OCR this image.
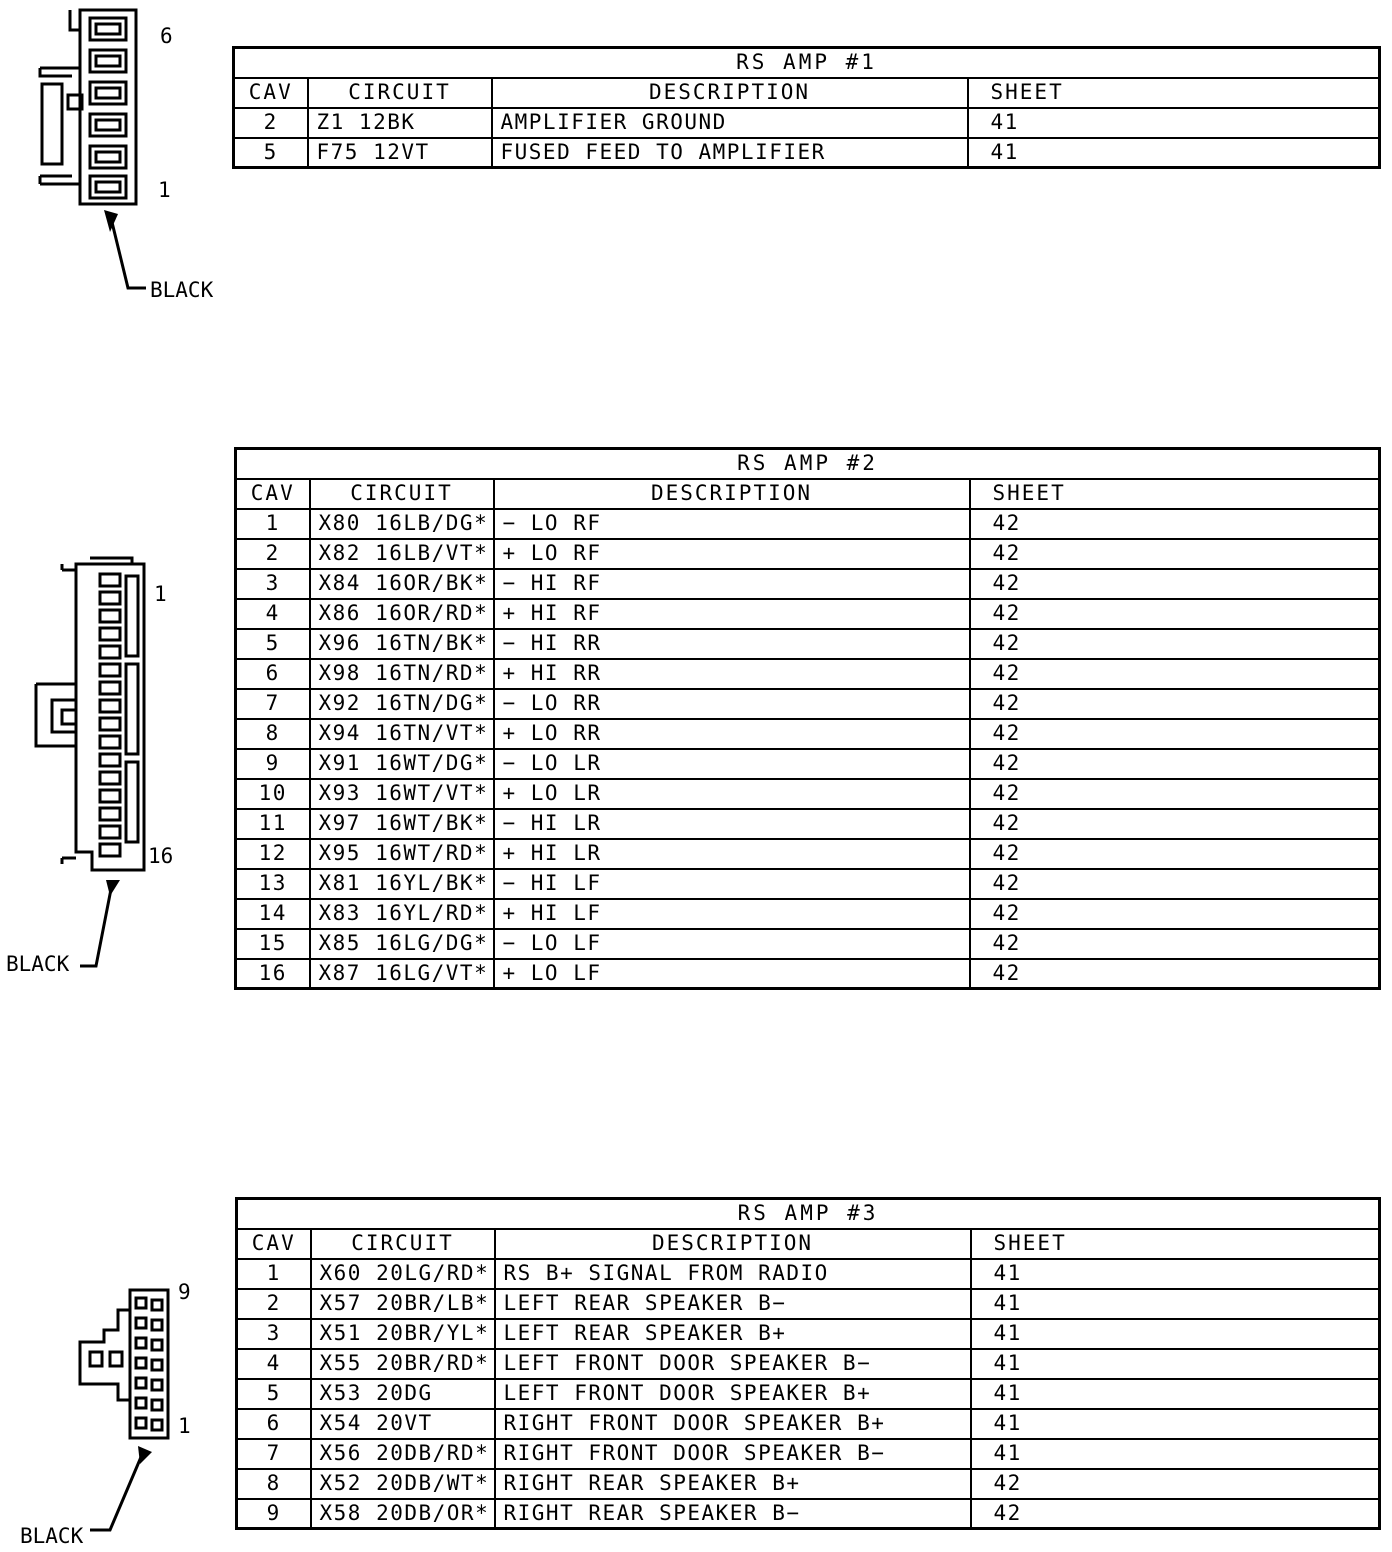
6
1
BLACK
RS AMP #1			
CAV	CIRCUIT	DESCRIPTION	SHEET
2	Z1 12BK	AMPLIFIER GROUND	41
5	F75 12VT	FUSED FEED TO AMPLIFIER	41
1
16
BLACK
RS AMP #2			
CAV	CIRCUIT	DESCRIPTION	SHEET
1	X80 16LB/DG*	− LO RF	42
2	X82 16LB/VT*	+ LO RF	42
3	X84 16OR/BK*	− HI RF	42
4	X86 16OR/RD*	+ HI RF	42
5	X96 16TN/BK*	− HI RR	42
6	X98 16TN/RD*	+ HI RR	42
7	X92 16TN/DG*	− LO RR	42
8	X94 16TN/VT*	+ LO RR	42
9	X91 16WT/DG*	− LO LR	42
10	X93 16WT/VT*	+ LO LR	42
11	X97 16WT/BK*	− HI LR	42
12	X95 16WT/RD*	+ HI LR	42
13	X81 16YL/BK*	− HI LF	42
14	X83 16YL/RD*	+ HI LF	42
15	X85 16LG/DG*	− LO LF	42
16	X87 16LG/VT*	+ LO LF	42
9
1
BLACK
RS AMP #3			
CAV	CIRCUIT	DESCRIPTION	SHEET
1	X60 20LG/RD*	RS B+ SIGNAL FROM RADIO	41
2	X57 20BR/LB*	LEFT REAR SPEAKER B−	41
3	X51 20BR/YL*	LEFT REAR SPEAKER B+	41
4	X55 20BR/RD*	LEFT FRONT DOOR SPEAKER B−	41
5	X53 20DG	LEFT FRONT DOOR SPEAKER B+	41
6	X54 20VT	RIGHT FRONT DOOR SPEAKER B+	41
7	X56 20DB/RD*	RIGHT FRONT DOOR SPEAKER B−	41
8	X52 20DB/WT*	RIGHT REAR SPEAKER B+	42
9	X58 20DB/OR*	RIGHT REAR SPEAKER B−	42
